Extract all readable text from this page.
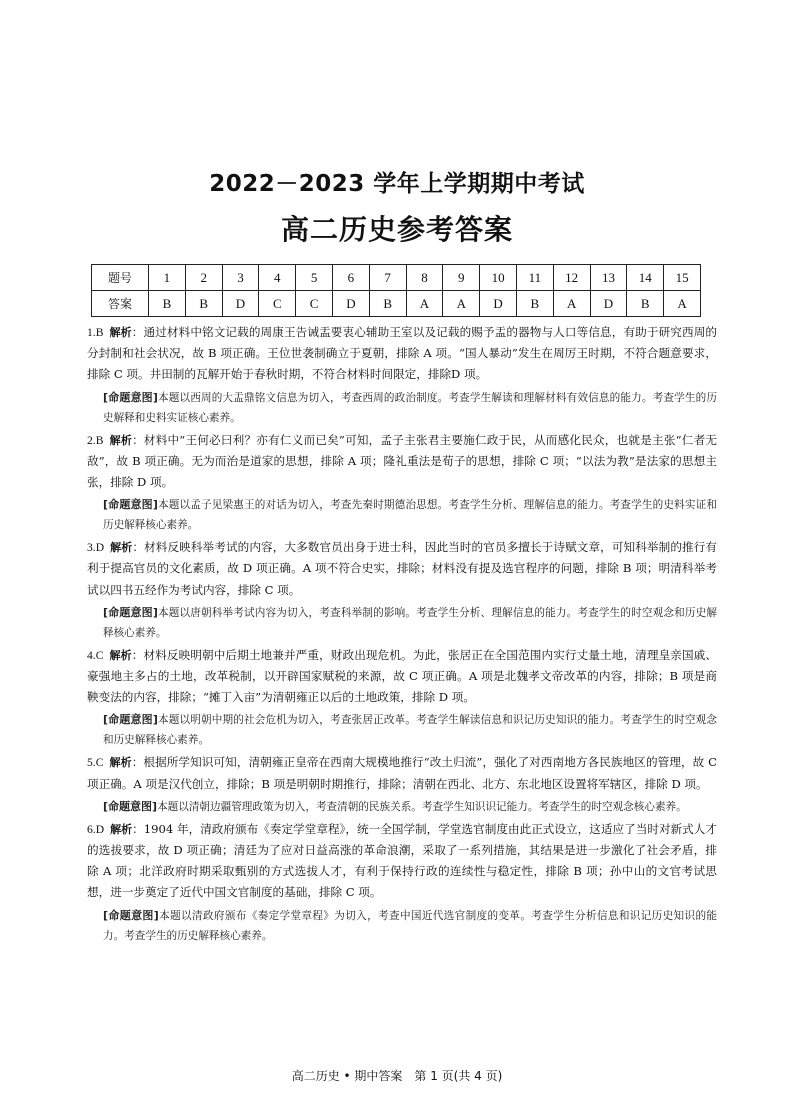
2022－2023 学年上学期期中考试
高二历史参考答案
题号	1	2	3	4	5	6	7	8	9	10	11	12	13	14	15
答案	B	B	D	C	C	D	B	A	A	D	B	A	D	B	A

1.B 解析：通过材料中铭文记载的周康王告诫盂要衷心辅助王室以及记载的赐予盂的器物与人口等信息，有助于研究西周的分封制和社会状况，故 B 项正确。王位世袭制确立于夏朝，排除 A 项。“国人暴动”发生在周厉王时期，不符合题意要求，排除 C 项。井田制的瓦解开始于春秋时期，不符合材料时间限定，排除D 项。

[命题意图]本题以西周的大盂鼎铭文信息为切入，考查西周的政治制度。考查学生解读和理解材料有效信息的能力。考查学生的历史解释和史料实证核心素养。

2.B 解析：材料中“王何必曰利？亦有仁义而已矣”可知，孟子主张君主要施仁政于民，从而感化民众，也就是主张“仁者无敌”，故 B 项正确。无为而治是道家的思想，排除 A 项；隆礼重法是荀子的思想，排除 C 项；“以法为教”是法家的思想主张，排除 D 项。

[命题意图]本题以孟子见梁惠王的对话为切入，考查先秦时期德治思想。考查学生分析、理解信息的能力。考查学生的史料实证和历史解释核心素养。

3.D 解析：材料反映科举考试的内容，大多数官员出身于进士科，因此当时的官员多擅长于诗赋文章，可知科举制的推行有利于提高官员的文化素质，故 D 项正确。A 项不符合史实，排除；材料没有提及选官程序的问题，排除 B 项；明清科举考试以四书五经作为考试内容，排除 C 项。

[命题意图]本题以唐朝科举考试内容为切入，考查科举制的影响。考查学生分析、理解信息的能力。考查学生的时空观念和历史解释核心素养。

4.C 解析：材料反映明朝中后期土地兼并严重，财政出现危机。为此，张居正在全国范围内实行丈量土地，清理皇亲国戚、豪强地主多占的土地，改革税制，以开辟国家赋税的来源，故 C 项正确。A 项是北魏孝文帝改革的内容，排除；B 项是商鞅变法的内容，排除；“摊丁入亩”为清朝雍正以后的土地政策，排除 D 项。

[命题意图]本题以明朝中期的社会危机为切入，考查张居正改革。考查学生解读信息和识记历史知识的能力。考查学生的时空观念和历史解释核心素养。

5.C 解析：根据所学知识可知，清朝雍正皇帝在西南大规模地推行“改土归流”，强化了对西南地方各民族地区的管理，故 C 项正确。A 项是汉代创立，排除；B 项是明朝时期推行，排除；清朝在西北、北方、东北地区设置将军辖区，排除 D 项。

[命题意图]本题以清朝边疆管理政策为切入，考查清朝的民族关系。考查学生知识识记能力。考查学生的时空观念核心素养。

6.D 解析：1904 年，清政府颁布《奏定学堂章程》，统一全国学制，学堂选官制度由此正式设立，这适应了当时对新式人才的选拔要求，故 D 项正确；清廷为了应对日益高涨的革命浪潮，采取了一系列措施，其结果是进一步激化了社会矛盾，排除 A 项；北洋政府时期采取甄别的方式选拔人才，有利于保持行政的连续性与稳定性，排除 B 项；孙中山的文官考试思想，进一步奠定了近代中国文官制度的基础，排除 C 项。

[命题意图]本题以清政府颁布《奏定学堂章程》为切入，考查中国近代选官制度的变革。考查学生分析信息和识记历史知识的能力。考查学生的历史解释核心素养。

高二历史 • 期中答案　第 1 页(共 4 页)
